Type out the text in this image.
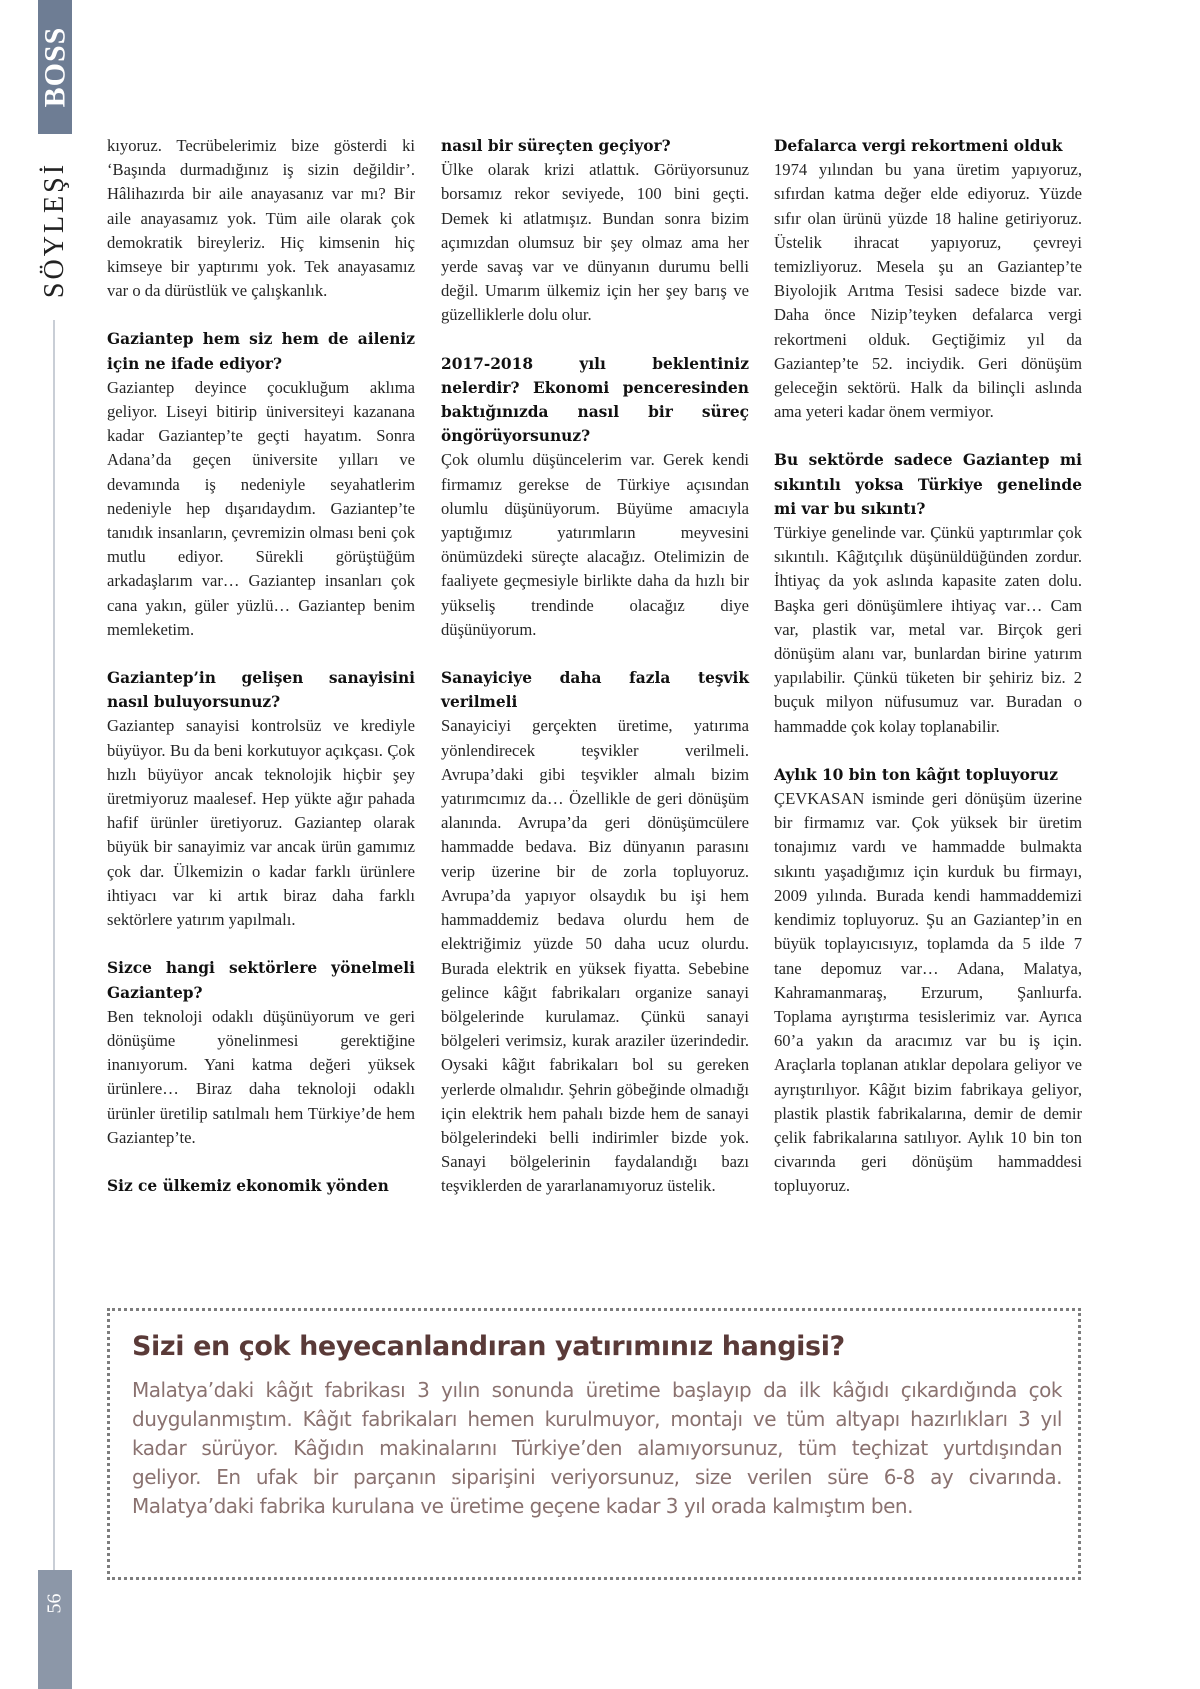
BOSS
SÖYLEŞİ
56

kıyoruz. Tecrübelerimiz bize gösterdi ki ‘Başında durmadığınız iş sizin değildir’. Hâlihazırda bir aile anayasanız var mı? Bir aile anayasamız yok. Tüm aile olarak çok demokratik bireyleriz. Hiç kimsenin hiç kimseye bir yaptırımı yok. Tek anayasamız var o da dürüstlük ve çalışkanlık.

Gaziantep hem siz hem de aileniz için ne ifade ediyor?

Gaziantep deyince çocukluğum aklıma geliyor. Liseyi bitirip üniversiteyi kazanana kadar Gaziantep’te geçti hayatım. Sonra Adana’da geçen üniversite yılları ve devamında iş nedeniyle seyahatlerim nedeniyle hep dışarıdaydım. Gaziantep’te tanıdık insanların, çevremizin olması beni çok mutlu ediyor. Sürekli görüştüğüm arkadaşlarım var… Gaziantep insanları çok cana yakın, güler yüzlü… Gaziantep benim memleketim.

Gaziantep’in gelişen sanayisini nasıl buluyorsunuz?

Gaziantep sanayisi kontrolsüz ve krediyle büyüyor. Bu da beni korkutuyor açıkçası. Çok hızlı büyüyor ancak teknolojik hiçbir şey üretmiyoruz maalesef. Hep yükte ağır pahada hafif ürünler üretiyoruz. Gaziantep olarak büyük bir sanayimiz var ancak ürün gamımız çok dar. Ülkemizin o kadar farklı ürünlere ihtiyacı var ki artık biraz daha farklı sektörlere yatırım yapılmalı.

Sizce hangi sektörlere yönelmeli Gaziantep?

Ben teknoloji odaklı düşünüyorum ve geri dönüşüme yönelinmesi gerektiğine inanıyorum. Yani katma değeri yüksek ürünlere… Biraz daha teknoloji odaklı ürünler üretilip satılmalı hem Türkiye’de hem Gaziantep’te.

Siz ce ülkemiz ekonomik yönden
nasıl bir süreçten geçiyor?

Ülke olarak krizi atlattık. Görüyorsunuz borsamız rekor seviyede, 100 bini geçti. Demek ki atlatmışız. Bundan sonra bizim açımızdan olumsuz bir şey olmaz ama her yerde savaş var ve dünyanın durumu belli değil. Umarım ülkemiz için her şey barış ve güzelliklerle dolu olur.

2017-2018 yılı beklentiniz nelerdir? Ekonomi penceresinden baktığınızda nasıl bir süreç öngörüyorsunuz?

Çok olumlu düşüncelerim var. Gerek kendi firmamız gerekse de Türkiye açısından olumlu düşünüyorum. Büyüme amacıyla yaptığımız yatırımların meyvesini önümüzdeki süreçte alacağız. Otelimizin de faaliyete geçmesiyle birlikte daha da hızlı bir yükseliş trendinde olacağız diye düşünüyorum.

Sanayiciye daha fazla teşvik verilmeli

Sanayiciyi gerçekten üretime, yatırıma yönlendirecek teşvikler verilmeli. Avrupa’daki gibi teşvikler almalı bizim yatırımcımız da… Özellikle de geri dönüşüm alanında. Avrupa’da geri dönüşümcülere hammadde bedava. Biz dünyanın parasını verip üzerine bir de zorla topluyoruz. Avrupa’da yapıyor olsaydık bu işi hem hammaddemiz bedava olurdu hem de elektriğimiz yüzde 50 daha ucuz olurdu. Burada elektrik en yüksek fiyatta. Sebebine gelince kâğıt fabrikaları organize sanayi bölgelerinde kurulamaz. Çünkü sanayi bölgeleri verimsiz, kurak araziler üzerindedir. Oysaki kâğıt fabrikaları bol su gereken yerlerde olmalıdır. Şehrin göbeğinde olmadığı için elektrik hem pahalı bizde hem de sanayi bölgelerindeki belli indirimler bizde yok. Sanayi bölgelerinin faydalandığı bazı teşviklerden de yararlanamıyoruz üstelik.

Defalarca vergi rekortmeni olduk

1974 yılından bu yana üretim yapıyoruz, sıfırdan katma değer elde ediyoruz. Yüzde sıfır olan ürünü yüzde 18 haline getiriyoruz. Üstelik ihracat yapıyoruz, çevreyi temizliyoruz. Mesela şu an Gaziantep’te Biyolojik Arıtma Tesisi sadece bizde var. Daha önce Nizip’teyken defalarca vergi rekortmeni olduk. Geçtiğimiz yıl da Gaziantep’te 52. inciydik. Geri dönüşüm geleceğin sektörü. Halk da bilinçli aslında ama yeteri kadar önem vermiyor.

Bu sektörde sadece Gaziantep mi sıkıntılı yoksa Türkiye genelinde mi var bu sıkıntı?

Türkiye genelinde var. Çünkü yaptırımlar çok sıkıntılı. Kâğıtçılık düşünüldüğünden zordur. İhtiyaç da yok aslında kapasite zaten dolu. Başka geri dönüşümlere ihtiyaç var… Cam var, plastik var, metal var. Birçok geri dönüşüm alanı var, bunlardan birine yatırım yapılabilir. Çünkü tüketen bir şehiriz biz. 2 buçuk milyon nüfusumuz var. Buradan o hammadde çok kolay toplanabilir.

Aylık 10 bin ton kâğıt topluyoruz

ÇEVKASAN isminde geri dönüşüm üzerine bir firmamız var. Çok yüksek bir üretim tonajımız vardı ve hammadde bulmakta sıkıntı yaşadığımız için kurduk bu firmayı, 2009 yılında. Burada kendi hammaddemizi kendimiz topluyoruz. Şu an Gaziantep’in en büyük toplayıcısıyız, toplamda da 5 ilde 7 tane depomuz var… Adana, Malatya, Kahramanmaraş, Erzurum, Şanlıurfa. Toplama ayrıştırma tesislerimiz var. Ayrıca 60’a yakın da aracımız var bu iş için. Araçlarla toplanan atıklar depolara geliyor ve ayrıştırılıyor. Kâğıt bizim fabrikaya geliyor, plastik plastik fabrikalarına, demir de demir çelik fabrikalarına satılıyor. Aylık 10 bin ton civarında geri dönüşüm hammaddesi topluyoruz.

Sizi en çok heyecanlandıran yatırımınız hangisi?

Malatya’daki kâğıt fabrikası 3 yılın sonunda üretime başlayıp da ilk kâğıdı çıkardığında çok duygulanmıştım. Kâğıt fabrikaları hemen kurulmuyor, montajı ve tüm altyapı hazırlıkları 3 yıl kadar sürüyor. Kâğıdın makinalarını Türkiye’den alamıyorsunuz, tüm teçhizat yurtdışından geliyor. En ufak bir parçanın siparişini veriyorsunuz, size verilen süre 6-8 ay civarında. Malatya’daki fabrika kurulana ve üretime geçene kadar 3 yıl orada kalmıştım ben.
